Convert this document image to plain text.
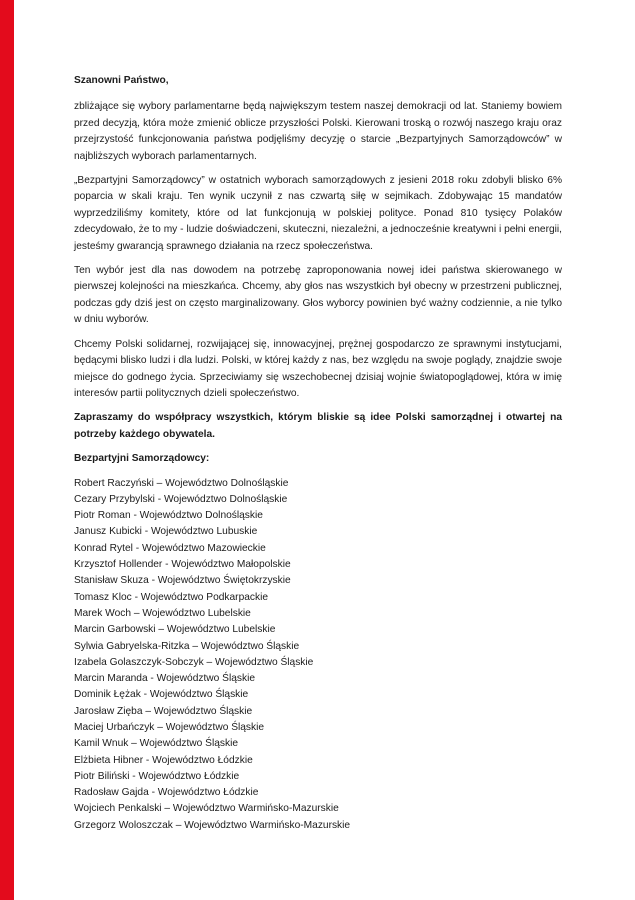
Szanowni Państwo,

zbliżające się wybory parlamentarne będą największym testem naszej demokracji od lat. Staniemy bowiem przed decyzją, która może zmienić oblicze przyszłości Polski. Kierowani troską o rozwój naszego kraju oraz przejrzystość funkcjonowania państwa podjęliśmy decyzję o starcie „Bezpartyjnych Samorządowców” w najbliższych wyborach parlamentarnych.

„Bezpartyjni Samorządowcy” w ostatnich wyborach samorządowych z jesieni 2018 roku zdobyli blisko 6% poparcia w skali kraju. Ten wynik uczynił z nas czwartą siłę w sejmikach. Zdobywając 15 mandatów wyprzedziliśmy komitety, które od lat funkcjonują w polskiej polityce. Ponad 810 tysięcy Polaków zdecydowało, że to my - ludzie doświadczeni, skuteczni, niezależni, a jednocześnie kreatywni i pełni energii, jesteśmy gwarancją sprawnego działania na rzecz społeczeństwa.

Ten wybór jest dla nas dowodem na potrzebę zaproponowania nowej idei państwa skierowanego w pierwszej kolejności na mieszkańca. Chcemy, aby głos nas wszystkich był obecny w przestrzeni publicznej, podczas gdy dziś jest on często marginalizowany. Głos wyborcy powinien być ważny codziennie, a nie tylko w dniu wyborów.

Chcemy Polski solidarnej, rozwijającej się, innowacyjnej, prężnej gospodarczo ze sprawnymi instytucjami, będącymi blisko ludzi i dla ludzi. Polski, w której każdy z nas, bez względu na swoje poglądy, znajdzie swoje miejsce do godnego życia. Sprzeciwiamy się wszechobecnej dzisiaj wojnie światopoglądowej, która w imię interesów partii politycznych dzieli społeczeństwo.

Zapraszamy do współpracy wszystkich, którym bliskie są idee Polski samorządnej i otwartej na potrzeby każdego obywatela.

Bezpartyjni Samorządowcy:

Robert Raczyński – Województwo Dolnośląskie
Cezary Przybylski - Województwo Dolnośląskie
Piotr Roman - Województwo Dolnośląskie
Janusz Kubicki - Województwo Lubuskie
Konrad Rytel - Województwo Mazowieckie
Krzysztof Hollender - Województwo Małopolskie
Stanisław Skuza - Województwo Świętokrzyskie
Tomasz Kloc - Województwo Podkarpackie
Marek Woch – Województwo Lubelskie
Marcin Garbowski – Województwo Lubelskie
Sylwia Gabryelska-Ritzka – Województwo Śląskie
Izabela Golaszczyk-Sobczyk – Województwo Śląskie
Marcin Maranda - Województwo Śląskie
Dominik Łężak - Województwo Śląskie
Jarosław Zięba – Województwo Śląskie
Maciej Urbańczyk – Województwo Śląskie
Kamil Wnuk – Województwo Śląskie
Elżbieta Hibner - Województwo Łódzkie
Piotr Biliński - Województwo Łódzkie
Radosław Gajda - Województwo Łódzkie
Wojciech Penkalski – Województwo Warmińsko-Mazurskie
Grzegorz Woloszczak – Województwo Warmińsko-Mazurskie
